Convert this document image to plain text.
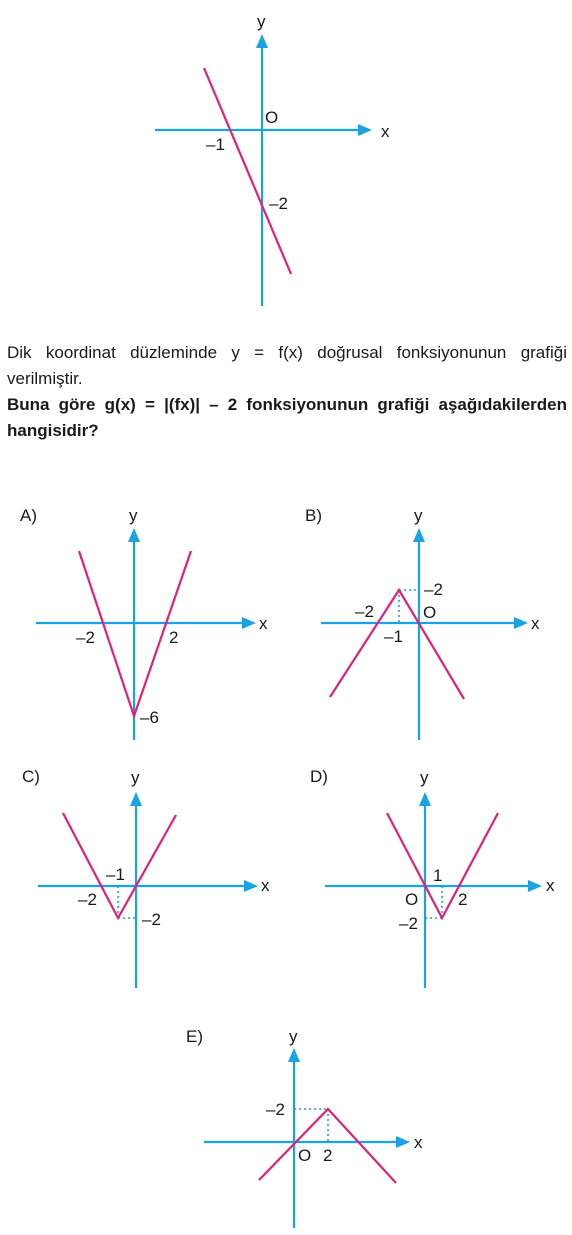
y
x
O
–1
–2
A)	y
x
–2	2
–6
B)	y
x
–2
–2	O
–1
C)	y
x
–1
–2
–2
D)	y
x
1
O 2
–2
E)	y
x
–2
O 2

Dik koordinat düzleminde y = f(x) doğrusal fonksiyonunun grafiği verilmiştir.

Buna göre g(x) = |(fx)| – 2 fonksiyonunun grafiği aşağıdakilerden hangisidir?
